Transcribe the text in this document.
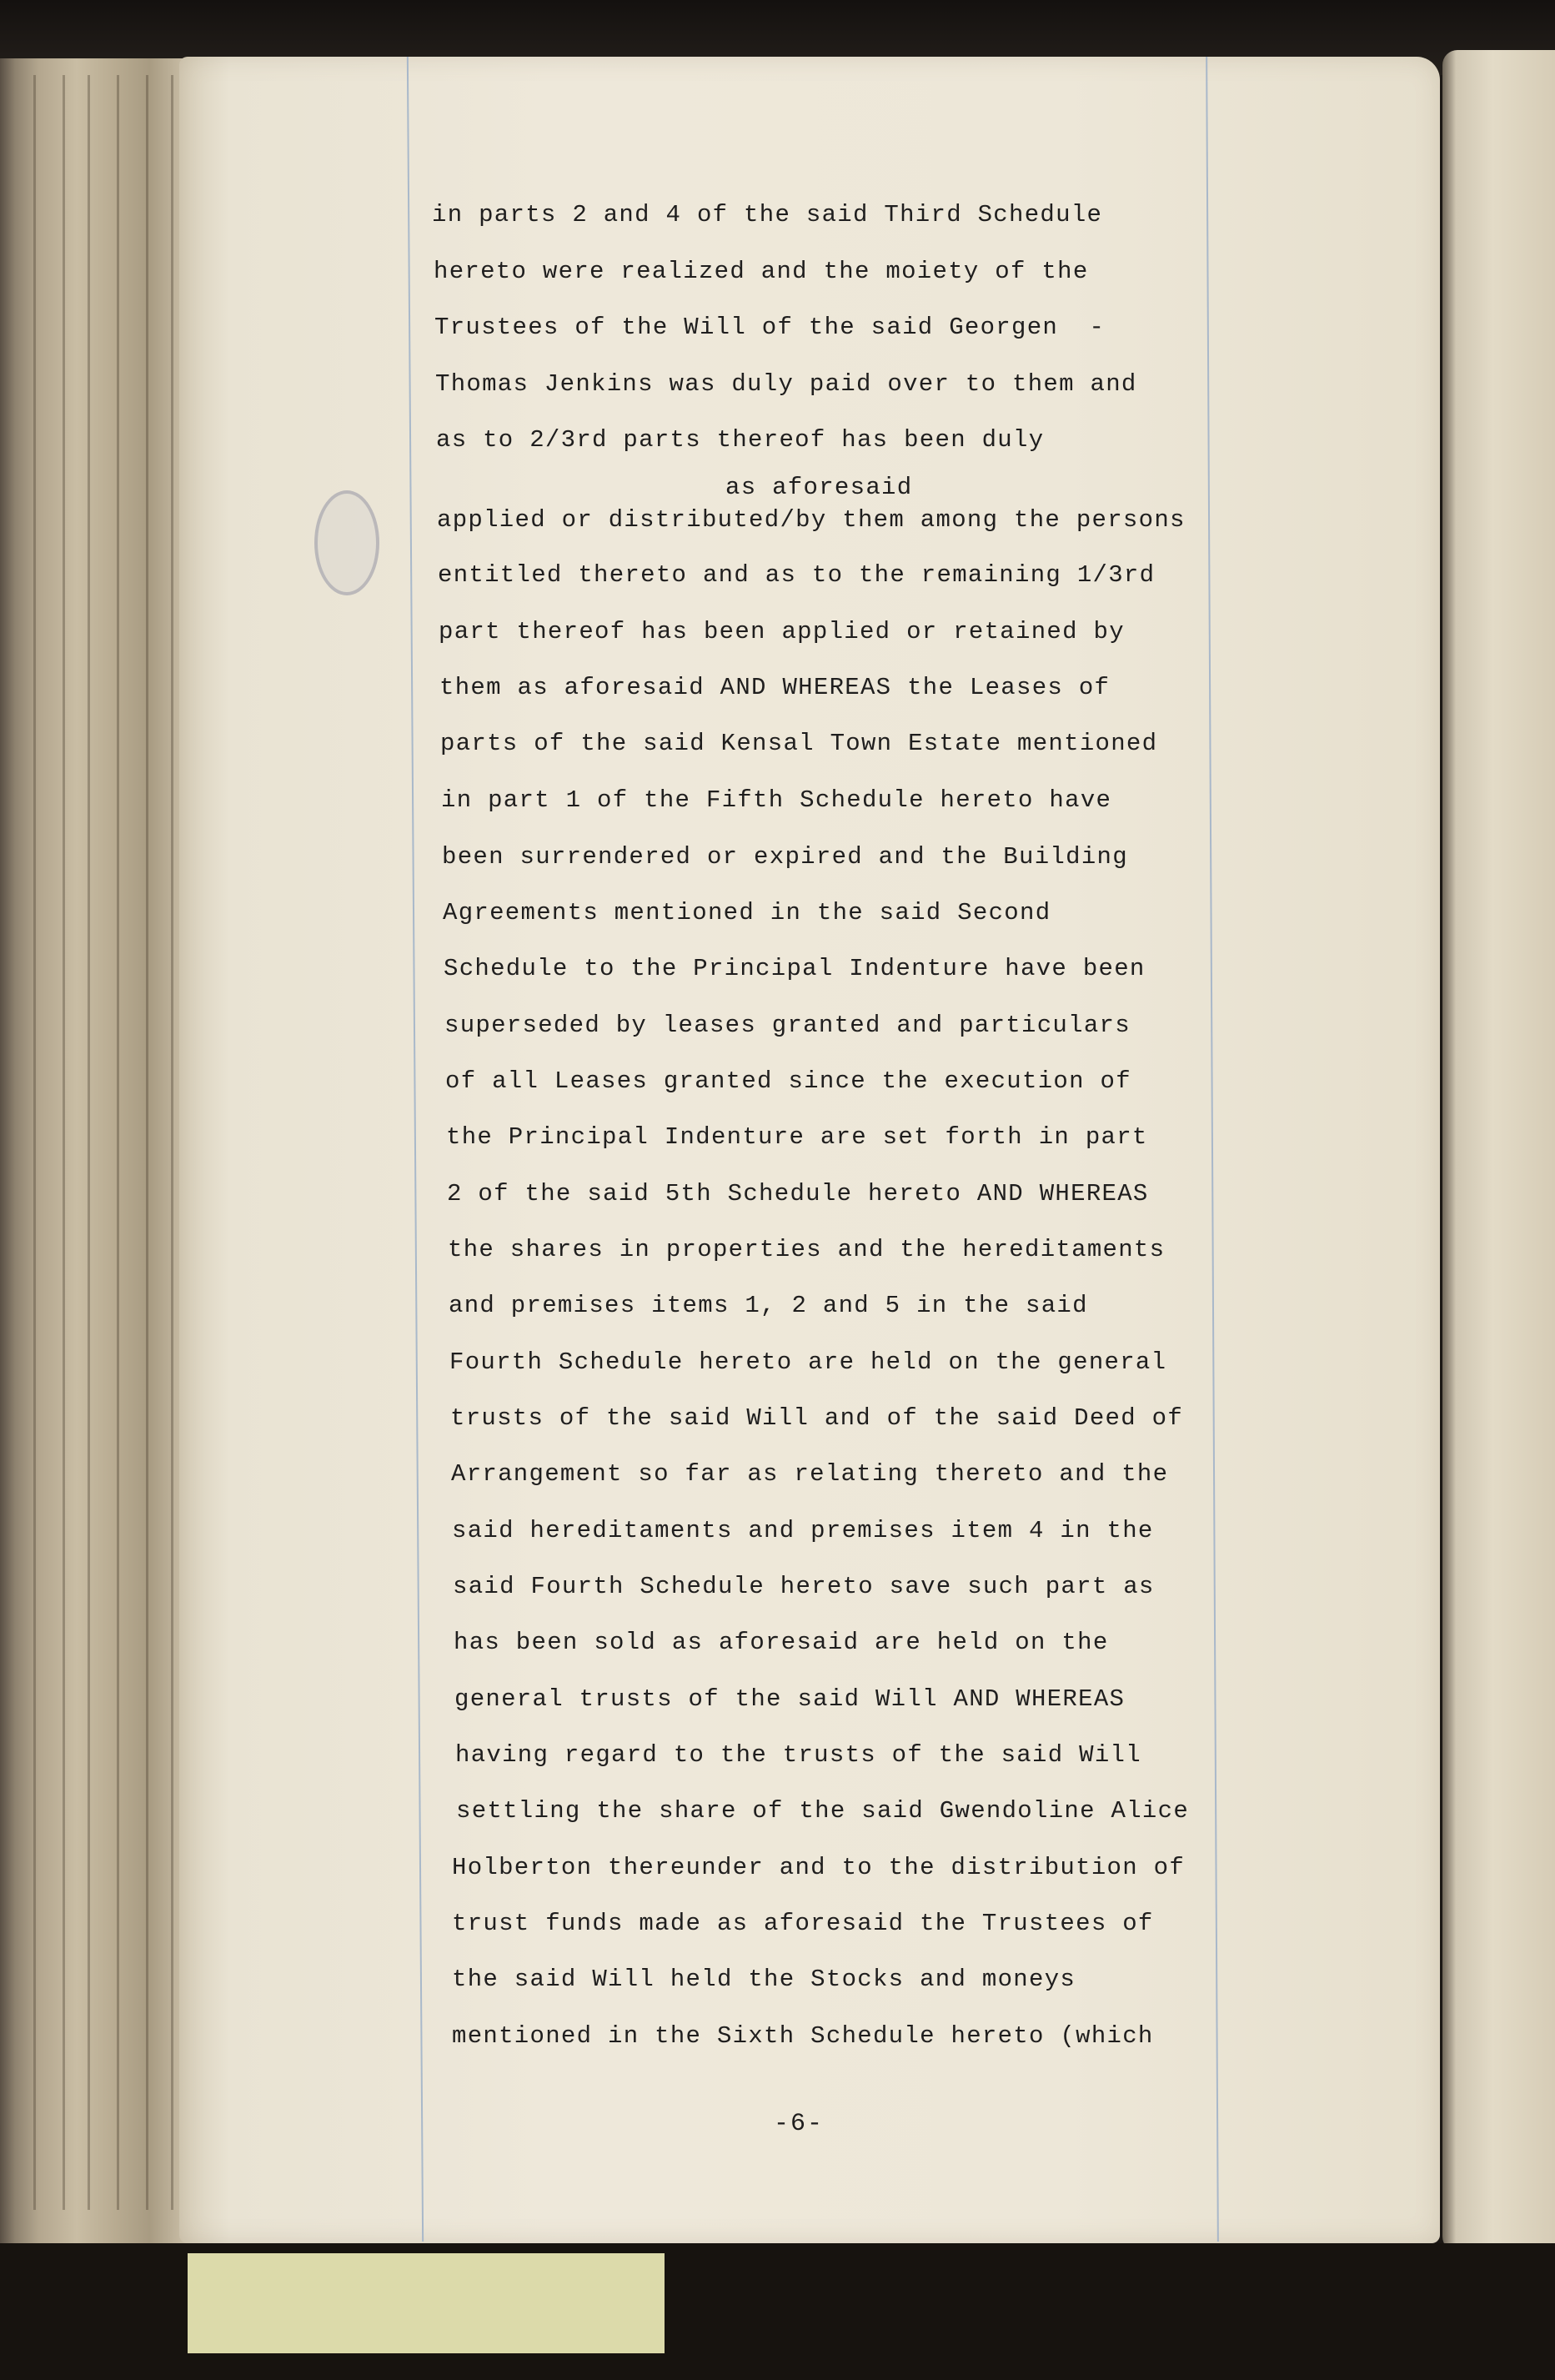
as aforesaid
in parts 2 and 4 of the said Third Schedule
hereto were realized and the moiety of the
Trustees of the Will of the said Georgen  -
Thomas Jenkins was duly paid over to them and
as to 2/3rd parts thereof has been duly
applied or distributed/by them among the persons
entitled thereto and as to the remaining 1/3rd
part thereof has been applied or retained by
them as aforesaid AND WHEREAS the Leases of
parts of the said Kensal Town Estate mentioned
in part 1 of the Fifth Schedule hereto have
been surrendered or expired and the Building
Agreements mentioned in the said Second
Schedule to the Principal Indenture have been
superseded by leases granted and particulars
of all Leases granted since the execution of
the Principal Indenture are set forth in part
2 of the said 5th Schedule hereto AND WHEREAS
the shares in properties and the hereditaments
and premises items 1, 2 and 5 in the said
Fourth Schedule hereto are held on the general
trusts of the said Will and of the said Deed of
Arrangement so far as relating thereto and the
said hereditaments and premises item 4 in the
said Fourth Schedule hereto save such part as
has been sold as aforesaid are held on the
general trusts of the said Will AND WHEREAS
having regard to the trusts of the said Will
settling the share of the said Gwendoline Alice
Holberton thereunder and to the distribution of
trust funds made as aforesaid the Trustees of
the said Will held the Stocks and moneys
mentioned in the Sixth Schedule hereto (which
-6-
